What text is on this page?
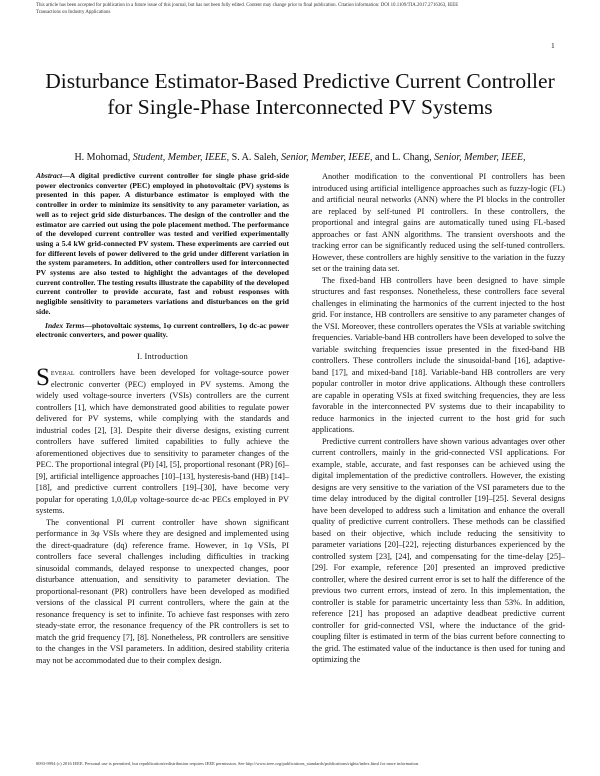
This article has been accepted for publication in a future issue of this journal, but has not been fully edited. Content may change prior to final publication. Citation information: DOI 10.1109/TIA.2017.2716363, IEEE
Transactions on Industry Applications
1
Disturbance Estimator-Based Predictive Current Controller for Single-Phase Interconnected PV Systems
H. Mohomad, Student, Member, IEEE, S. A. Saleh, Senior, Member, IEEE, and L. Chang, Senior, Member, IEEE,

Abstract—A digital predictive current controller for single phase grid-side power electronics converter (PEC) employed in photovoltaic (PV) systems is presented in this paper. A disturbance estimator is employed with the controller in order to minimize its sensitivity to any parameter variation, as well as to reject grid side disturbances. The design of the controller and the estimator are carried out using the pole placement method. The performance of the developed current controller was tested and verified experimentally using a 5.4 kW grid-connected PV system. These experiments are carried out for different levels of power delivered to the grid under different variation in the system parameters. In addition, other controllers used for interconnected PV systems are also tested to highlight the advantages of the developed current controller. The testing results illustrate the capability of the developed current controller to provide accurate, fast and robust responses with negligible sensitivity to parameters variations and disturbances on the grid side.

Index Terms—photovoltaic systems, 1φ current controllers, 1φ dc-ac power electronic converters, and power quality.

I. Introduction

Several controllers have been developed for voltage-source power electronic converter (PEC) employed in PV systems. Among the widely used voltage-source inverters (VSIs) controllers are the current controllers [1], which have demonstrated good abilities to regulate power delivered for PV systems, while complying with the standards and industrial codes [2], [3]. Despite their diverse designs, existing current controllers have suffered limited capabilities to fully achieve the aforementioned objectives due to sensitivity to parameter changes of the PEC. The proportional integral (PI) [4], [5], proportional resonant (PR) [6]–[9], artificial intelligence approaches [10]–[13], hysteresis-band (HB) [14]–[18], and predictive current controllers [19]–[30], have become very popular for operating 1,0,0I,φ voltage-source dc-ac PECs employed in PV systems.

The conventional PI current controller have shown significant performance in 3φ VSIs where they are designed and implemented using the direct-quadrature (dq) reference frame. However, in 1φ VSIs, PI controllers face several challenges including difficulties in tracking sinusoidal commands, delayed response to unexpected changes, poor disturbance attenuation, and sensitivity to parameter deviation. The proportional-resonant (PR) controllers have been developed as modified versions of the classical PI current controllers, where the gain at the resonance frequency is set to infinite. To achieve fast responses with zero steady-state error, the resonance frequency of the PR controllers is set to match the grid frequency [7], [8]. Nonetheless, PR controllers are sensitive to the changes in the VSI parameters. In addition, desired stability criteria may not be accommodated due to their complex design.

Another modification to the conventional PI controllers has been introduced using artificial intelligence approaches such as fuzzy-logic (FL) and artificial neural networks (ANN) where the PI blocks in the controller are replaced by self-tuned PI controllers. In these controllers, the proportional and integral gains are automatically tuned using FL-based approaches or fast ANN algorithms. The transient overshoots and the tracking error can be significantly reduced using the self-tuned controllers. However, these controllers are highly sensitive to the variation in the fuzzy set or the training data set.

The fixed-band HB controllers have been designed to have simple structures and fast responses. Nonetheless, these controllers face several challenges in eliminating the harmonics of the current injected to the host grid. For instance, HB controllers are sensitive to any parameter changes of the VSI. Moreover, these controllers operates the VSIs at variable switching frequencies. Variable-band HB controllers have been developed to solve the variable switching frequencies issue presented in the fixed-band HB controllers. These controllers include the sinusoidal-band [16], adaptive-band [17], and mixed-band [18]. Variable-band HB controllers are very popular controller in motor drive applications. Although these controllers are capable in operating VSIs at fixed switching frequencies, they are less favorable in the interconnected PV systems due to their incapability to reduce harmonics in the injected current to the host grid for such applications.

Predictive current controllers have shown various advantages over other current controllers, mainly in the grid-connected VSI applications. For example, stable, accurate, and fast responses can be achieved using the digital implementation of the predictive controllers. However, the existing designs are very sensitive to the variation of the VSI parameters due to the time delay introduced by the digital controller [19]–[25]. Several designs have been developed to address such a limitation and enhance the overall quality of predictive current controllers. These methods can be classified based on their objective, which include reducing the sensitivity to parameter variations [20]–[22], rejecting disturbances experienced by the controlled system [23], [24], and compensating for the time-delay [25]–[29]. For example, reference [20] presented an improved predictive controller, where the desired current error is set to half the difference of the previous two current errors, instead of zero. In this implementation, the controller is stable for parametric uncertainty less than 53%. In addition, reference [21] has proposed an adaptive deadbeat predictive current controller for grid-connected VSI, where the inductance of the grid-coupling filter is estimated in term of the bias current before connecting to the grid. The estimated value of the inductance is then used for tuning and optimizing the

0093-9994 (c) 2016 IEEE. Personal use is permitted, but republication/redistribution requires IEEE permission. See http://www.ieee.org/publications_standards/publications/rights/index.html for more information.
